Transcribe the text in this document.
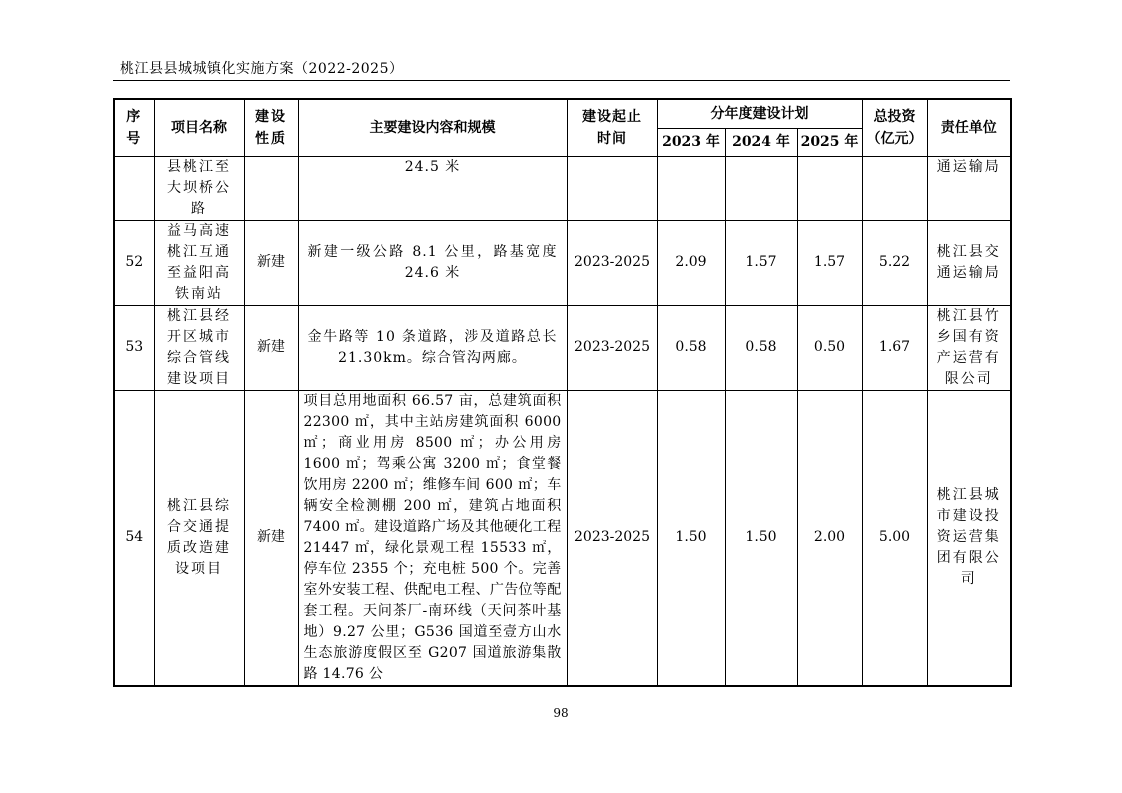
桃江县县城城镇化实施方案（2022-2025）
序号	项目名称	建设性质	主要建设内容和规模	建设起止时间	分年度建设计划			总投资（亿元）	责任单位
					2023 年	2024 年	2025 年		

	县桃江至大坝桥公路		24.5 米						通运输局

52	益马高速桃江互通至益阳高铁南站	新建	新建一级公路 8.1 公里，路基宽度 24.6 米	2023-2025	2.09	1.57	1.57	5.22	桃江县交通运输局

53	桃江县经开区城市综合管线建设项目	新建	金牛路等 10 条道路，涉及道路总长 21.30km。综合管沟两廊。	2023-2025	0.58	0.58	0.50	1.67	桃江县竹乡国有资产运营有限公司

54	桃江县综合交通提质改造建设项目	新建	项目总用地面积 66.57 亩，总建筑面积 22300 ㎡，其中主站房建筑面积 6000 ㎡；商业用房 8500 ㎡；办公用房 1600 ㎡；驾乘公寓 3200 ㎡；食堂餐饮用房 2200 ㎡；维修车间 600 ㎡；车辆安全检测棚 200 ㎡，建筑占地面积 7400 ㎡。建设道路广场及其他硬化工程 21447 ㎡，绿化景观工程 15533 ㎡，停车位 2355 个；充电桩 500 个。完善室外安装工程、供配电工程、广告位等配套工程。天问茶厂-南环线（天问茶叶基地）9.27 公里；G536 国道至壹方山水生态旅游度假区至 G207 国道旅游集散路 14.76 公	2023-2025	1.50	1.50	2.00	5.00	桃江县城市建设投资运营集团有限公司
98
